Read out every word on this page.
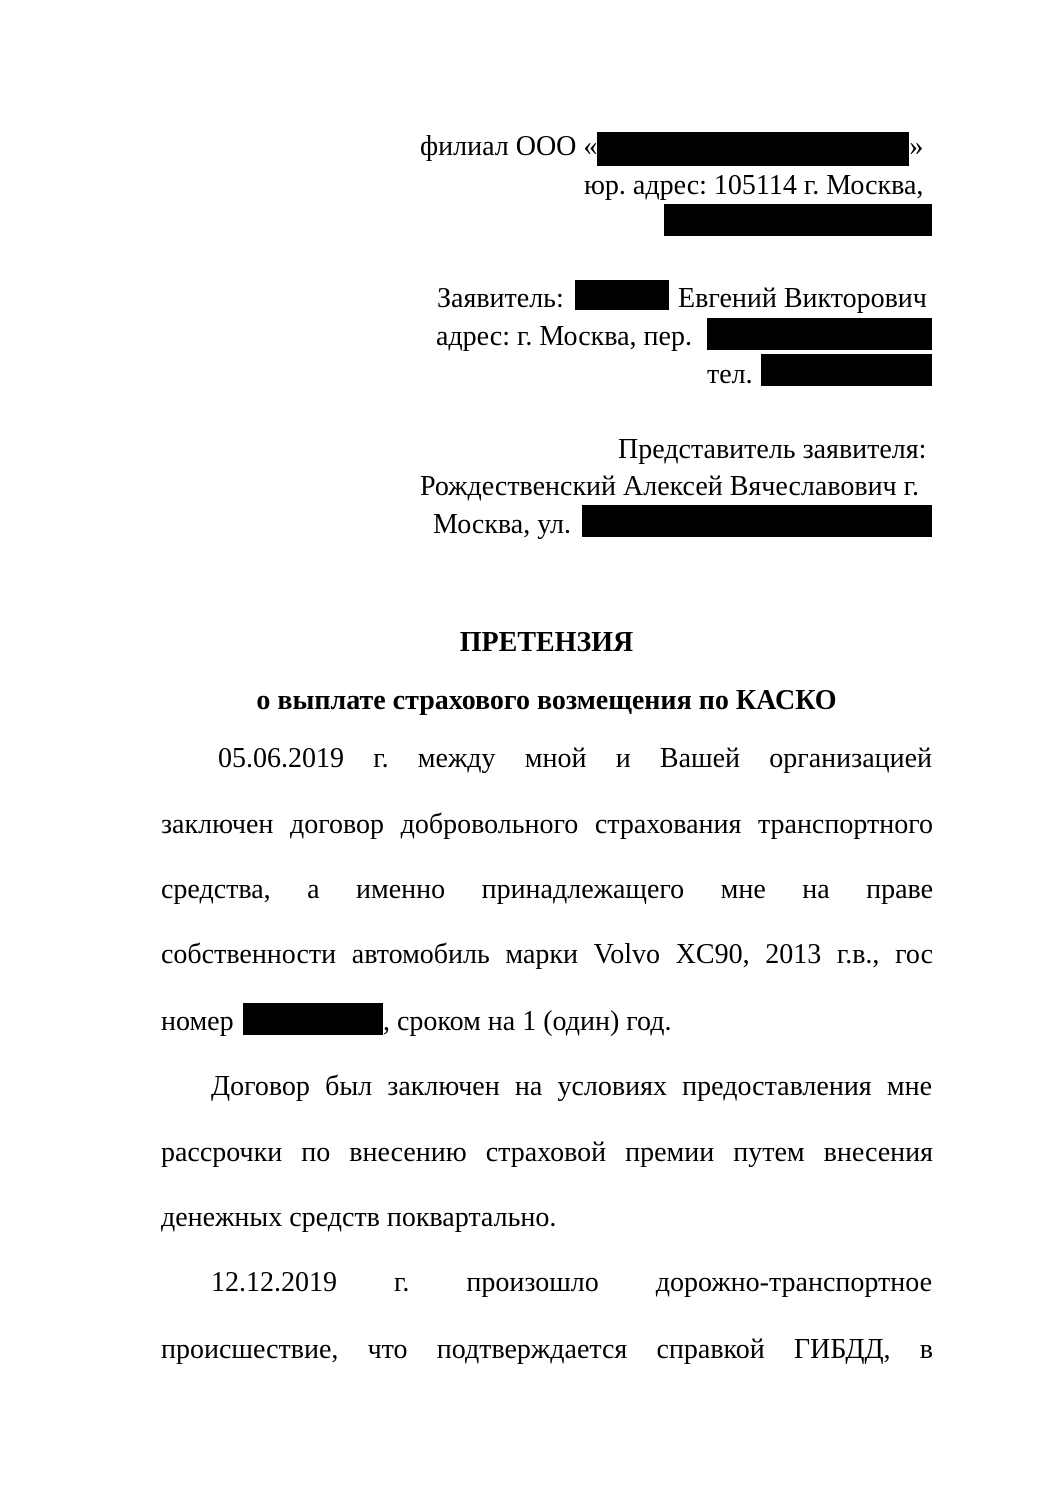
филиал ООО «	»
юр. адрес: 105114 г. Москва,
Заявитель:	Евгений Викторович
адрес: г. Москва, пер.
тел.
Представитель заявителя:
Рождественский Алексей Вячеславович г.
Москва, ул.
ПРЕТЕНЗИЯ
о выплате страхового возмещения по КАСКО
05.06.2019 г. между мной и Вашей организацией
заключен договор добровольного страхования транспортного
средства, а именно принадлежащего мне на праве
собственности автомобиль марки Volvo XC90, 2013 г.в., гос
номер	, сроком на 1 (один) год.
Договор был заключен на условиях предоставления мне
рассрочки по внесению страховой премии путем внесения
денежных средств поквартально.
12.12.2019 г. произошло дорожно-транспортное
происшествие, что подтверждается справкой ГИБДД, в
